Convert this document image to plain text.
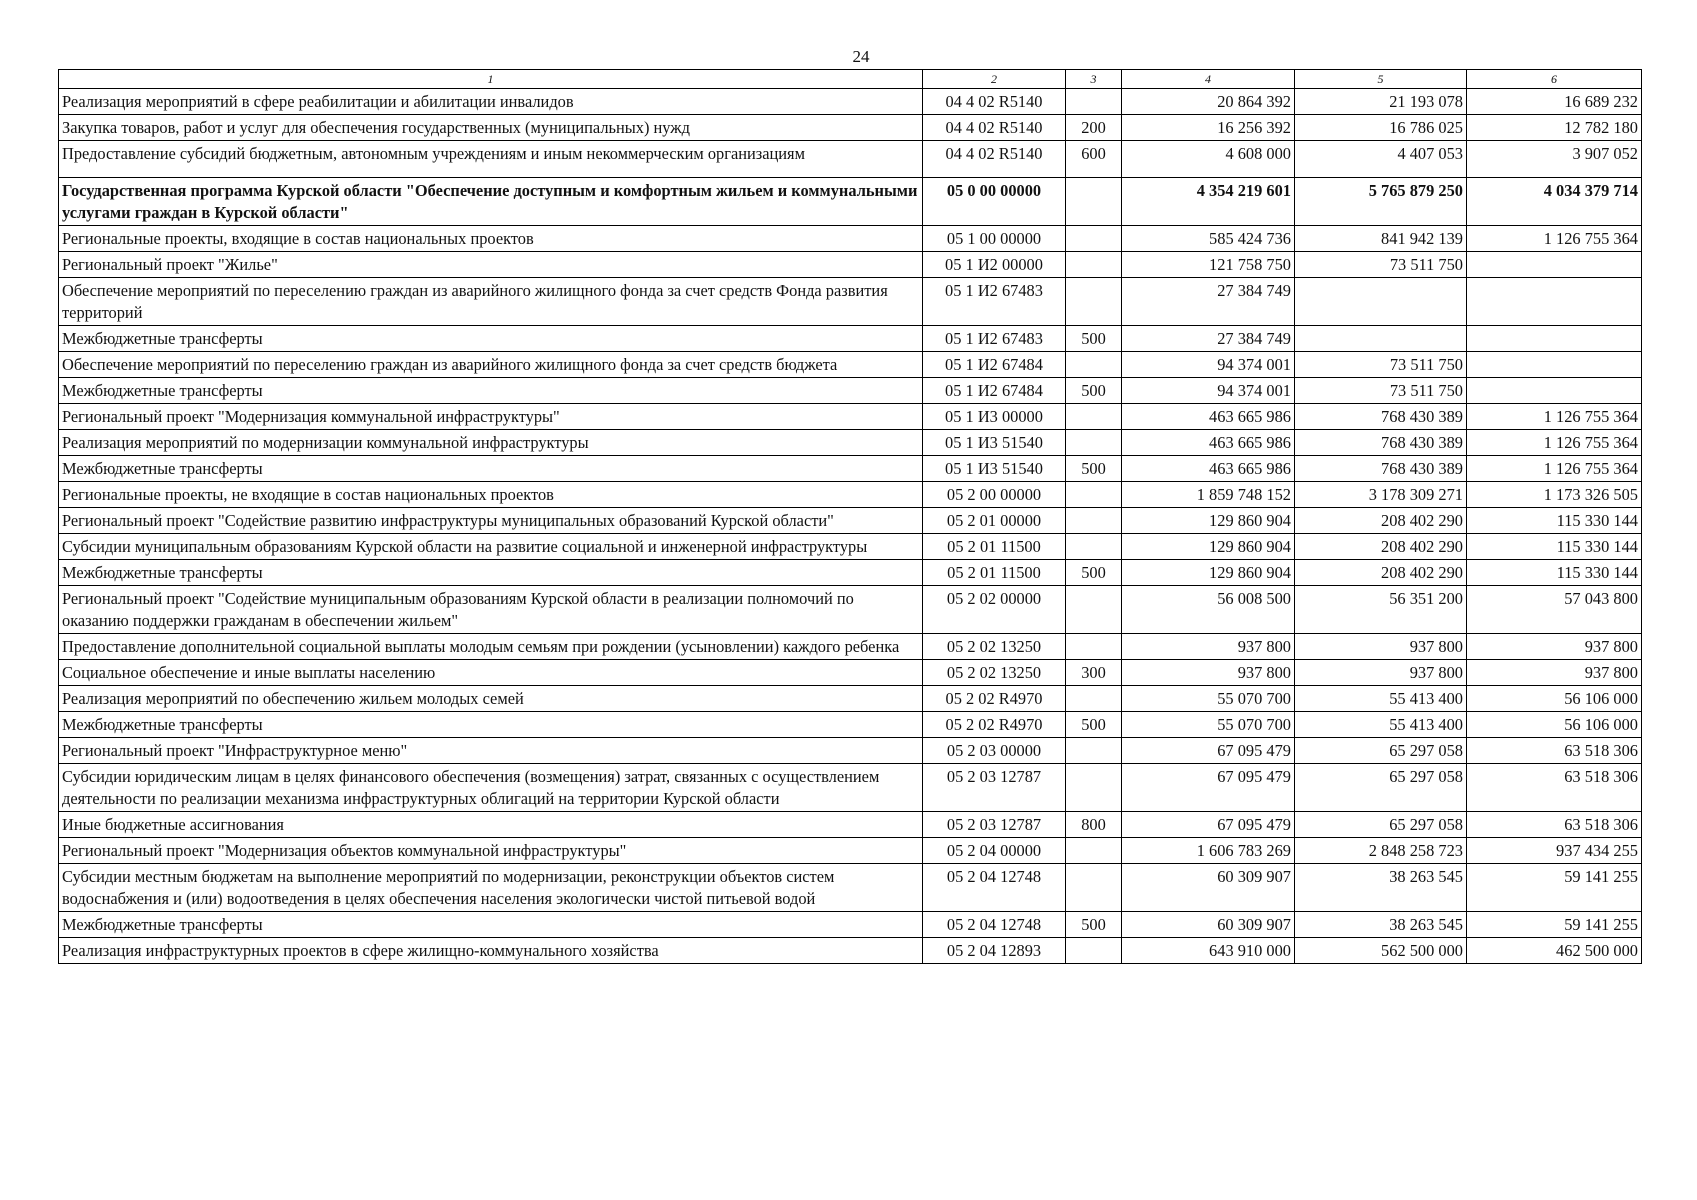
24
1	2	3	4	5	6
Реализация мероприятий в сфере реабилитации и абилитации инвалидов	04 4 02 R5140		20 864 392	21 193 078	16 689 232
Закупка товаров, работ и услуг для обеспечения государственных (муниципальных) нужд	04 4 02 R5140	200	16 256 392	16 786 025	12 782 180
Предоставление субсидий бюджетным, автономным учреждениям и иным некоммерческим организациям	04 4 02 R5140	600	4 608 000	4 407 053	3 907 052
Государственная программа Курской области "Обеспечение доступным и комфортным жильем и коммунальными услугами граждан в Курской области"	05 0 00 00000		4 354 219 601	5 765 879 250	4 034 379 714
Региональные проекты, входящие в состав национальных проектов	05 1 00 00000		585 424 736	841 942 139	1 126 755 364
Региональный проект "Жилье"	05 1 И2 00000		121 758 750	73 511 750	
Обеспечение мероприятий по переселению граждан из аварийного жилищного фонда за счет средств Фонда развития территорий	05 1 И2 67483		27 384 749		
Межбюджетные трансферты	05 1 И2 67483	500	27 384 749		
Обеспечение мероприятий по переселению граждан из аварийного жилищного фонда за счет средств бюджета	05 1 И2 67484		94 374 001	73 511 750	
Межбюджетные трансферты	05 1 И2 67484	500	94 374 001	73 511 750	
Региональный проект "Модернизация коммунальной инфраструктуры"	05 1 И3 00000		463 665 986	768 430 389	1 126 755 364
Реализация мероприятий по модернизации коммунальной инфраструктуры	05 1 И3 51540		463 665 986	768 430 389	1 126 755 364
Межбюджетные трансферты	05 1 И3 51540	500	463 665 986	768 430 389	1 126 755 364
Региональные проекты, не входящие в состав национальных проектов	05 2 00 00000		1 859 748 152	3 178 309 271	1 173 326 505
Региональный проект "Содействие развитию инфраструктуры муниципальных образований Курской области"	05 2 01 00000		129 860 904	208 402 290	115 330 144
Субсидии муниципальным образованиям Курской области на развитие социальной и инженерной инфраструктуры	05 2 01 11500		129 860 904	208 402 290	115 330 144
Межбюджетные трансферты	05 2 01 11500	500	129 860 904	208 402 290	115 330 144
Региональный проект "Содействие муниципальным образованиям Курской области в реализации полномочий по оказанию поддержки гражданам в обеспечении жильем"	05 2 02 00000		56 008 500	56 351 200	57 043 800
Предоставление дополнительной социальной выплаты молодым семьям при рождении (усыновлении) каждого ребенка	05 2 02 13250		937 800	937 800	937 800
Социальное обеспечение и иные выплаты населению	05 2 02 13250	300	937 800	937 800	937 800
Реализация мероприятий по обеспечению жильем молодых семей	05 2 02 R4970		55 070 700	55 413 400	56 106 000
Межбюджетные трансферты	05 2 02 R4970	500	55 070 700	55 413 400	56 106 000
Региональный проект "Инфраструктурное меню"	05 2 03 00000		67 095 479	65 297 058	63 518 306
Субсидии юридическим лицам в целях финансового обеспечения (возмещения) затрат, связанных с осуществлением деятельности по реализации механизма инфраструктурных облигаций на территории Курской области	05 2 03 12787		67 095 479	65 297 058	63 518 306
Иные бюджетные ассигнования	05 2 03 12787	800	67 095 479	65 297 058	63 518 306
Региональный проект "Модернизация объектов коммунальной инфраструктуры"	05 2 04 00000		1 606 783 269	2 848 258 723	937 434 255
Субсидии местным бюджетам на выполнение мероприятий по модернизации, реконструкции объектов систем водоснабжения и (или) водоотведения в целях обеспечения населения экологически чистой питьевой водой	05 2 04 12748		60 309 907	38 263 545	59 141 255
Межбюджетные трансферты	05 2 04 12748	500	60 309 907	38 263 545	59 141 255
Реализация инфраструктурных проектов в сфере жилищно-коммунального хозяйства	05 2 04 12893		643 910 000	562 500 000	462 500 000
